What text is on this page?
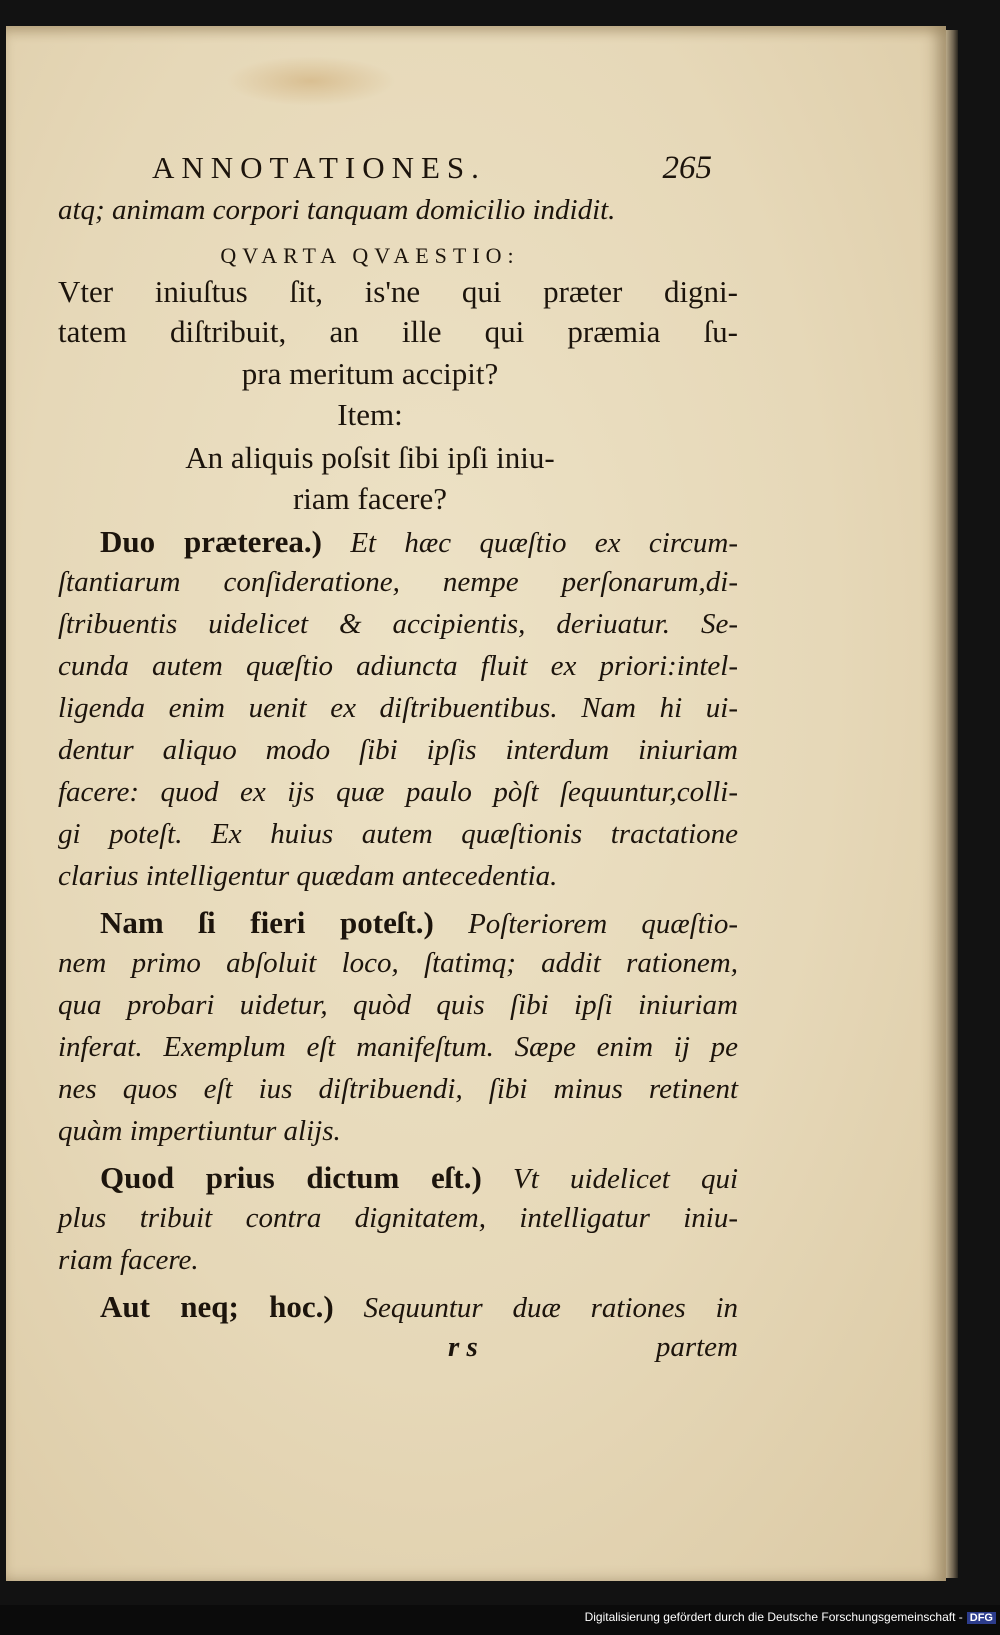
ANNOTATIONES.	265
atq; animam corpori tanquam domicilio indidit.
QVARTA QVAESTIO:
Vter iniuſtus ſit, is'ne qui præter digni-
tatem diſtribuit, an ille qui præmia ſu-
pra meritum accipit?
Item:
An aliquis poſsit ſibi ipſi iniu-
riam facere?
Duo præterea.) Et hæc quæſtio ex circum-
ſtantiarum conſideratione, nempe perſonarum,di-
ſtribuentis uidelicet & accipientis, deriuatur. Se-
cunda autem quæſtio adiuncta fluit ex priori:intel-
ligenda enim uenit ex diſtribuentibus. Nam hi ui-
dentur aliquo modo ſibi ipſis interdum iniuriam
facere: quod ex ijs quæ paulo pòſt ſequuntur,colli-
gi poteſt. Ex huius autem quæſtionis tractatione
clarius intelligentur quædam antecedentia.
Nam ſi fieri poteſt.) Poſteriorem quæſtio-
nem primo abſoluit loco, ſtatimq; addit rationem,
qua probari uidetur, quòd quis ſibi ipſi iniuriam
inferat. Exemplum eſt manifeſtum. Sæpe enim ij pe
nes quos eſt ius diſtribuendi, ſibi minus retinent
quàm impertiuntur alijs.
Quod prius dictum eſt.) Vt uidelicet qui
plus tribuit contra dignitatem, intelligatur iniu-
riam facere.
Aut neq; hoc.) Sequuntur duæ rationes in
r s	partem
Digitalisierung gefördert durch die Deutsche Forschungsgemeinschaft - DFG
